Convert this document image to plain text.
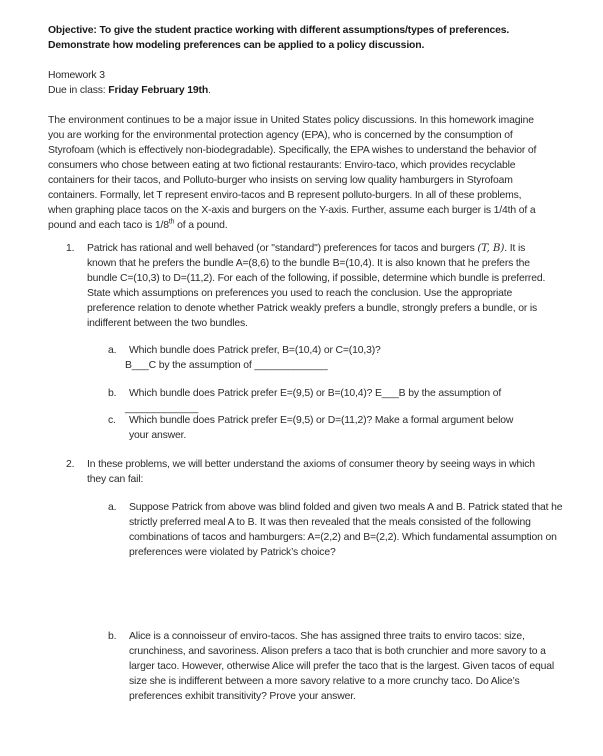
Objective: To give the student practice working with different assumptions/types of preferences.

Demonstrate how modeling preferences can be applied to a policy discussion.

Homework 3

Due in class: Friday February 19th.

The environment continues to be a major issue in United States policy discussions. In this homework imagine you are working for the environmental protection agency (EPA), who is concerned by the consumption of Styrofoam (which is effectively non-biodegradable). Specifically, the EPA wishes to understand the behavior of consumers who chose between eating at two fictional restaurants: Enviro-taco, which provides recyclable containers for their tacos, and Polluto-burger who insists on serving low quality hamburgers in Styrofoam containers. Formally, let T represent enviro-tacos and B represent polluto-burgers. In all of these problems, when graphing place tacos on the X-axis and burgers on the Y-axis. Further, assume each burger is 1/4th of a pound and each taco is 1/8th of a pound.

1. Patrick has rational and well behaved (or "standard") preferences for tacos and burgers (T, B). It is known that he prefers the bundle A=(8,6) to the bundle B=(10,4). It is also known that he prefers the bundle C=(10,3) to D=(11,2). For each of the following, if possible, determine which bundle is preferred. State which assumptions on preferences you used to reach the conclusion. Use the appropriate preference relation to denote whether Patrick weakly prefers a bundle, strongly prefers a bundle, or is indifferent between the two bundles.

a. Which bundle does Patrick prefer, B=(10,4) or C=(10,3)?

B___C by the assumption of _____________

b. Which bundle does Patrick prefer E=(9,5) or B=(10,4)? E___B by the assumption of

_____________

c. Which bundle does Patrick prefer E=(9,5) or D=(11,2)? Make a formal argument below your answer.

2. In these problems, we will better understand the axioms of consumer theory by seeing ways in which they can fail:

a. Suppose Patrick from above was blind folded and given two meals A and B. Patrick stated that he strictly preferred meal A to B. It was then revealed that the meals consisted of the following combinations of tacos and hamburgers: A=(2,2) and B=(2,2). Which fundamental assumption on preferences were violated by Patrick’s choice?

b. Alice is a connoisseur of enviro-tacos. She has assigned three traits to enviro tacos: size, crunchiness, and savoriness. Alison prefers a taco that is both crunchier and more savory to a larger taco. However, otherwise Alice will prefer the taco that is the largest. Given tacos of equal size she is indifferent between a more savory relative to a more crunchy taco. Do Alice’s preferences exhibit transitivity? Prove your answer.
